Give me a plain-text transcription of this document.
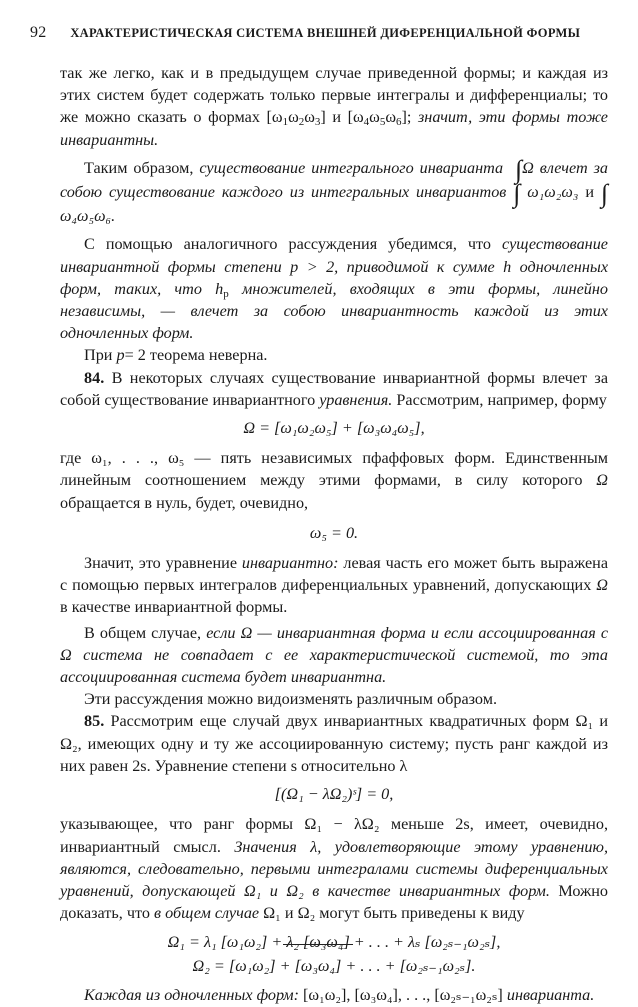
92 ХАРАКТЕРИСТИЧЕСКАЯ СИСТЕМА ВНЕШНЕЙ ДИФЕРЕНЦИАЛЬНОЙ ФОРМЫ

так же легко, как и в предыдущем случае приведенной формы; и каждая из этих систем будет содержать только первые интегралы и дифференциалы; то же можно сказать о формах $[\omega_1\omega_2\omega_3]$ и $[\omega_4\omega_5\omega_6]$; значит, эти формы тоже инвариантны.

Таким образом, существование интегрального инварианта ∫Ω влечет за собою существование каждого из интегральных инвариантов ∫ ω₁ω₂ω₃ и ∫ ω₄ω₅ω₆.

С помощью аналогичного рассуждения убедимся, что существование инвариантной формы степени p > 2, приводимой к сумме h одночленных форм, таких, что $h_p$ множителей, входящих в эти формы, линейно независимы, — влечет за собою инвариантность каждой из этих одночленных форм.

При p= 2 теорема неверна.

84. В некоторых случаях существование инвариантной формы влечет за собой существование инвариантного уравнения. Рассмотрим, например, форму

Ω = [ω₁ω₂ω₅] + [ω₃ω₄ω₅],

где ω₁, . . ., ω₅ — пять независимых пфаффовых форм. Единственным линейным соотношением между этими формами, в силу которого Ω обращается в нуль, будет, очевидно,

ω₅ = 0.

Значит, это уравнение инвариантно: левая часть его может быть выражена с помощью первых интегралов диференциальных уравнений, допускающих Ω в качестве инвариантной формы.

В общем случае, если Ω — инвариантная форма и если ассоциированная с Ω система не совпадает с ее характеристической системой, то эта ассоциированная система будет инвариантна.

Эти рассуждения можно видоизменять различным образом.

85. Рассмотрим еще случай двух инвариантных квадратичных форм Ω₁ и Ω₂, имеющих одну и ту же ассоциированную систему; пусть ранг каждой из них равен 2s. Уравнение степени s относительно λ

[(Ω₁ − λΩ₂)ˢ] = 0,

указывающее, что ранг формы Ω₁ − λΩ₂ меньше 2s, имеет, очевидно, инвариантный смысл. Значения λ, удовлетворяющие этому уравнению, являются, следовательно, первыми интегралами системы диференциальных уравнений, допускающей Ω₁ и Ω₂ в качестве инвариантных форм. Можно доказать, что в общем случае Ω₁ и Ω₂ могут быть приведены к виду

Ω₁ = λ₁ [ω₁ω₂] + λ₂ [ω₃ω₄] + . . . + λₛ [ω₂ₛ₋₁ω₂ₛ],
Ω₂ = [ω₁ω₂] + [ω₃ω₄] + . . . + [ω₂ₛ₋₁ω₂ₛ].

Каждая из одночленных форм: [ω₁ω₂], [ω₃ω₄], . . ., [ω₂ₛ₋₁ω₂ₛ] инварианта.
